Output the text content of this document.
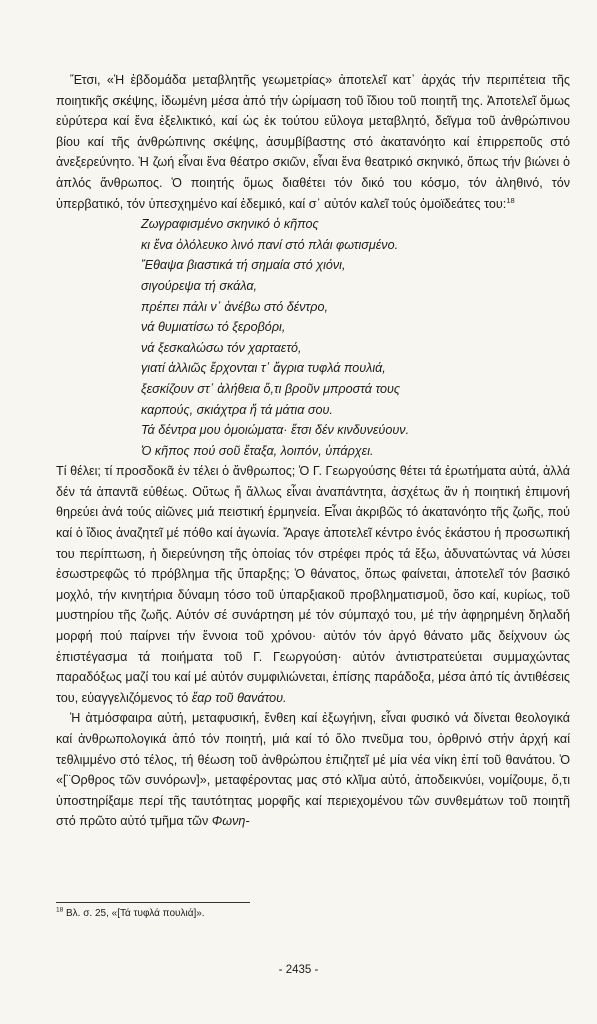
Ἔτσι, «Ἡ ἑβδομάδα μεταβλητῆς γεωμετρίας» ἀποτελεῖ κατ᾿ ἀρχάς τήν περιπέτεια τῆς ποιητικῆς σκέψης, ἰδωμένη μέσα ἀπό τήν ὡρίμαση τοῦ ἴδιου τοῦ ποιητῆ της. Ἀποτελεῖ ὅμως εὐρύτερα καί ἕνα ἐξελικτικό, καί ὡς ἐκ τούτου εὔλογα μεταβλητό, δεῖγμα τοῦ ἀνθρώπινου βίου καί τῆς ἀνθρώπινης σκέψης, ἀσυμβίβαστης στό ἀκατανόητο καί ἐπιρρεποῦς στό ἀνεξερεύνητο. Ἡ ζωή εἶναι ἕνα θέατρο σκιῶν, εἶναι ἕνα θεατρικό σκηνικό, ὅπως τήν βιώνει ὁ ἁπλός ἄνθρωπος. Ὁ ποιητής ὅμως διαθέτει τόν δικό του κόσμο, τόν ἀληθινό, τόν ὑπερβατικό, τόν ὑπεσχημένο καί ἐδεμικό, καί σ᾿ αὐτόν καλεῖ τούς ὁμοϊδεάτες του:$^{18}$

Ζωγραφισμένο σκηνικό ὁ κῆπος
κι ἕνα ὁλόλευκο λινό πανί στό πλάι φωτισμένο.
Ἔθαψα βιαστικά τή σημαία στό χιόνι,
σιγούρεψα τή σκάλα,
πρέπει πάλι ν᾿ ἀνέβω στό δέντρο,
νά θυμιατίσω τό ξεροβόρι,
νά ξεσκαλώσω τόν χαρταετό,
γιατί ἀλλιῶς ἔρχονται τ᾿ ἄγρια τυφλά πουλιά,
ξεσκίζουν στ᾿ ἀλήθεια ὅ,τι βροῦν μπροστά τους
καρπούς, σκιάχτρα ἤ τά μάτια σου.
Τά δέντρα μου ὁμοιώματα· ἔτσι δέν κινδυνεύουν.
Ὁ κῆπος πού σοῦ ἔταξα, λοιπόν, ὑπάρχει.

Τί θέλει; τί προσδοκᾶ ἐν τέλει ὁ ἄνθρωπος; Ὁ Γ. Γεωργούσης θέτει τά ἐρωτήματα αὐτά, ἀλλά δέν τά ἀπαντᾶ εὐθέως. Οὕτως ἤ ἄλλως εἶναι ἀναπάντητα, ἀσχέτως ἄν ἡ ποιητική ἐπιμονή θηρεύει ἀνά τούς αἰῶνες μιά πειστική ἑρμηνεία. Εἶναι ἀκριβῶς τό ἀκατανόητο τῆς ζωῆς, πού καί ὁ ἴδιος ἀναζητεῖ μέ πόθο καί ἀγωνία. Ἄραγε ἀποτελεῖ κέντρο ἑνός ἑκάστου ἡ προσωπική του περίπτωση, ἡ διερεύνηση τῆς ὁποίας τόν στρέφει πρός τά ἔξω, ἀδυνατώντας νά λύσει ἐσωστρεφῶς τό πρόβλημα τῆς ὕπαρξης; Ὁ θάνατος, ὅπως φαίνεται, ἀποτελεῖ τόν βασικό μοχλό, τήν κινητήρια δύναμη τόσο τοῦ ὑπαρξιακοῦ προβληματισμοῦ, ὅσο καί, κυρίως, τοῦ μυστηρίου τῆς ζωῆς. Αὐτόν σέ συνάρτηση μέ τόν σύμπαχό του, μέ τήν ἀφηρημένη δηλαδή μορφή πού παίρνει τήν ἔννοια τοῦ χρόνου· αὐτόν τόν ἀργό θάνατο μᾶς δείχνουν ὡς ἐπιστέγασμα τά ποιήματα τοῦ Γ. Γεωργούση· αὐτόν ἀντιστρατεύεται συμμαχώντας παραδόξως μαζί του καί μέ αὐτόν συμφιλιώνεται, ἐπίσης παράδοξα, μέσα ἀπό τίς ἀντιθέσεις του, εὐαγγελιζόμενος τό ἔαρ τοῦ θανάτου.

Ἡ ἀτμόσφαιρα αὐτή, μεταφυσική, ἔνθεη καί ἐξωγήινη, εἶναι φυσικό νά δίνεται θεολογικά καί ἀνθρωπολογικά ἀπό τόν ποιητή, μιά καί τό ὅλο πνεῦμα του, ὀρθρινό στήν ἀρχή καί τεθλιμμένο στό τέλος, τή θέωση τοῦ ἀνθρώπου ἐπιζητεῖ μέ μία νέα νίκη ἐπί τοῦ θανάτου. Ὁ «[¨Ορθρος τῶν συνόρων]», μεταφέροντας μας στό κλῖμα αὐτό, ἀποδεικνύει, νομίζουμε, ὅ,τι ὑποστηρίξαμε περί τῆς ταυτότητας μορφῆς καί περιεχομένου τῶν συνθεμάτων τοῦ ποιητῆ στό πρῶτο αὐτό τμῆμα τῶν Φωνη-

$^{18}$ Βλ. σ. 25, «[Τά τυφλά πουλιά]».
- 2435 -
